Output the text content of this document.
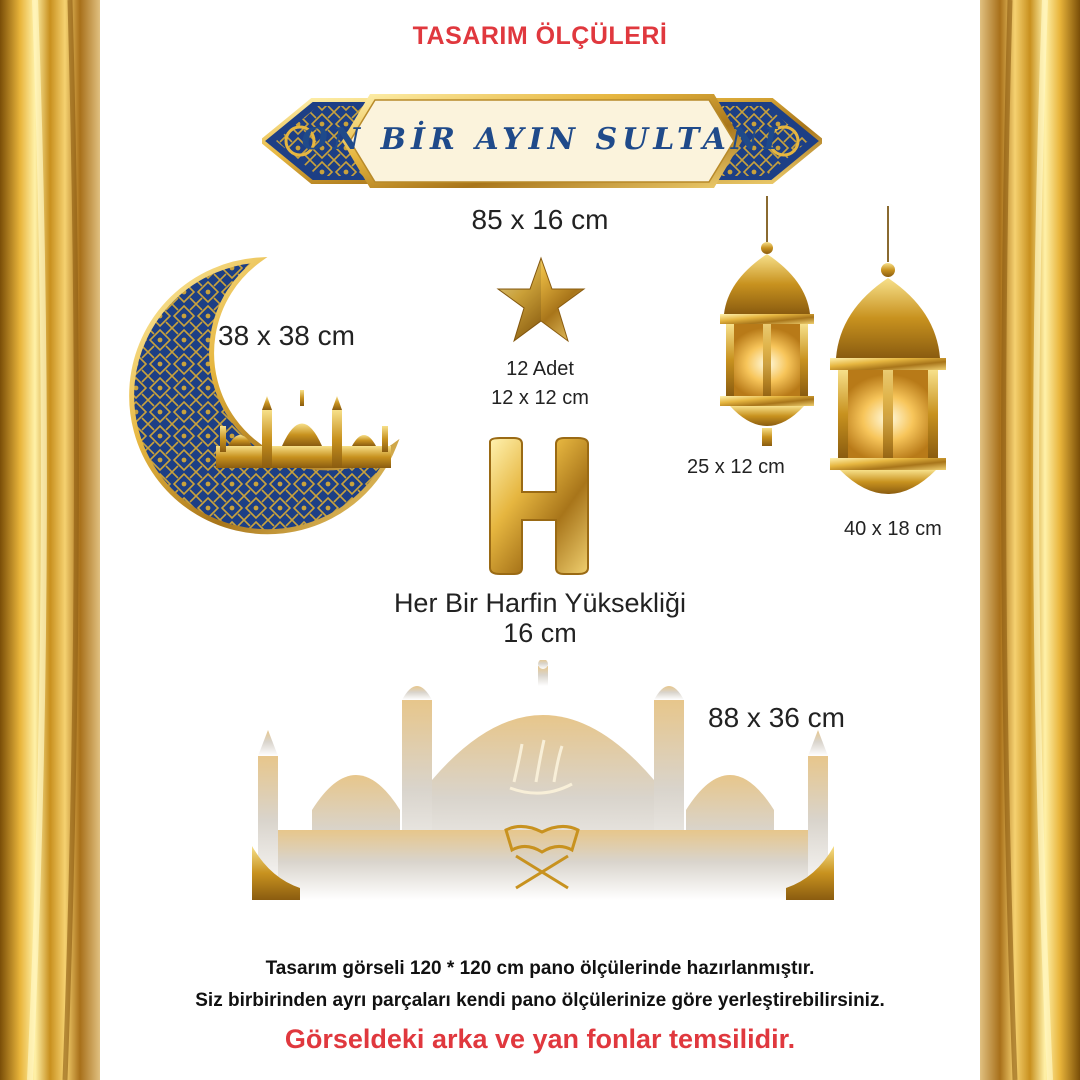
TASARIM ÖLÇÜLERİ
ON BİR AYIN SULTANI
85 x 16 cm
38 x 38 cm
12 Adet
12 x 12 cm
Her Bir Harfin Yüksekliği
16 cm
25 x 12 cm
40 x 18 cm
88 x 36 cm
Tasarım görseli 120 * 120 cm pano ölçülerinde hazırlanmıştır.
Siz birbirinden ayrı parçaları kendi pano ölçülerinize göre yerleştirebilirsiniz.
Görseldeki arka ve yan fonlar temsilidir.
